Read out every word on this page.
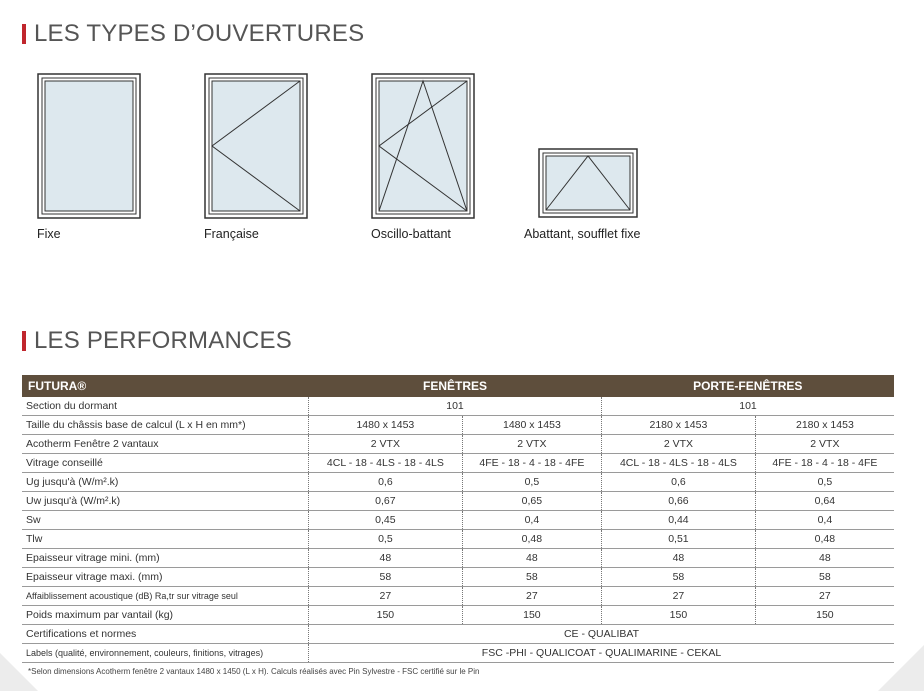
LES TYPES D’OUVERTURES
Fixe	Française	Oscillo-battant	Abattant, soufflet fixe
LES PERFORMANCES
FUTURA®	FENÊTRES		PORTE-FENÊTRES	
Section du dormant	101		101	
Taille du châssis base de calcul (L x H en mm*)	1480 x 1453	1480 x 1453	2180 x 1453	2180 x 1453
Acotherm Fenêtre 2 vantaux	2 VTX	2 VTX	2 VTX	2 VTX
Vitrage conseillé	4CL - 18 - 4LS - 18 - 4LS	4FE - 18 - 4 - 18 - 4FE	4CL - 18 - 4LS - 18 - 4LS	4FE - 18 - 4 - 18 - 4FE
Ug jusqu'à (W/m².k)	0,6	0,5	0,6	0,5
Uw jusqu'à (W/m².k)	0,67	0,65	0,66	0,64
Sw	0,45	0,4	0,44	0,4
Tlw	0,5	0,48	0,51	0,48
Epaisseur vitrage mini. (mm)	48	48	48	48
Epaisseur vitrage maxi. (mm)	58	58	58	58
Affaiblissement acoustique (dB) Ra,tr sur vitrage seul	27	27	27	27
Poids maximum par vantail (kg)	150	150	150	150
Certifications et normes	CE - QUALIBAT			
Labels (qualité, environnement, couleurs, finitions, vitrages)	FSC -PHI - QUALICOAT - QUALIMARINE - CEKAL			
*Selon dimensions Acotherm fenêtre 2 vantaux 1480 x 1450 (L x H). Calculs réalisés avec Pin Sylvestre - FSC certifié sur le Pin
